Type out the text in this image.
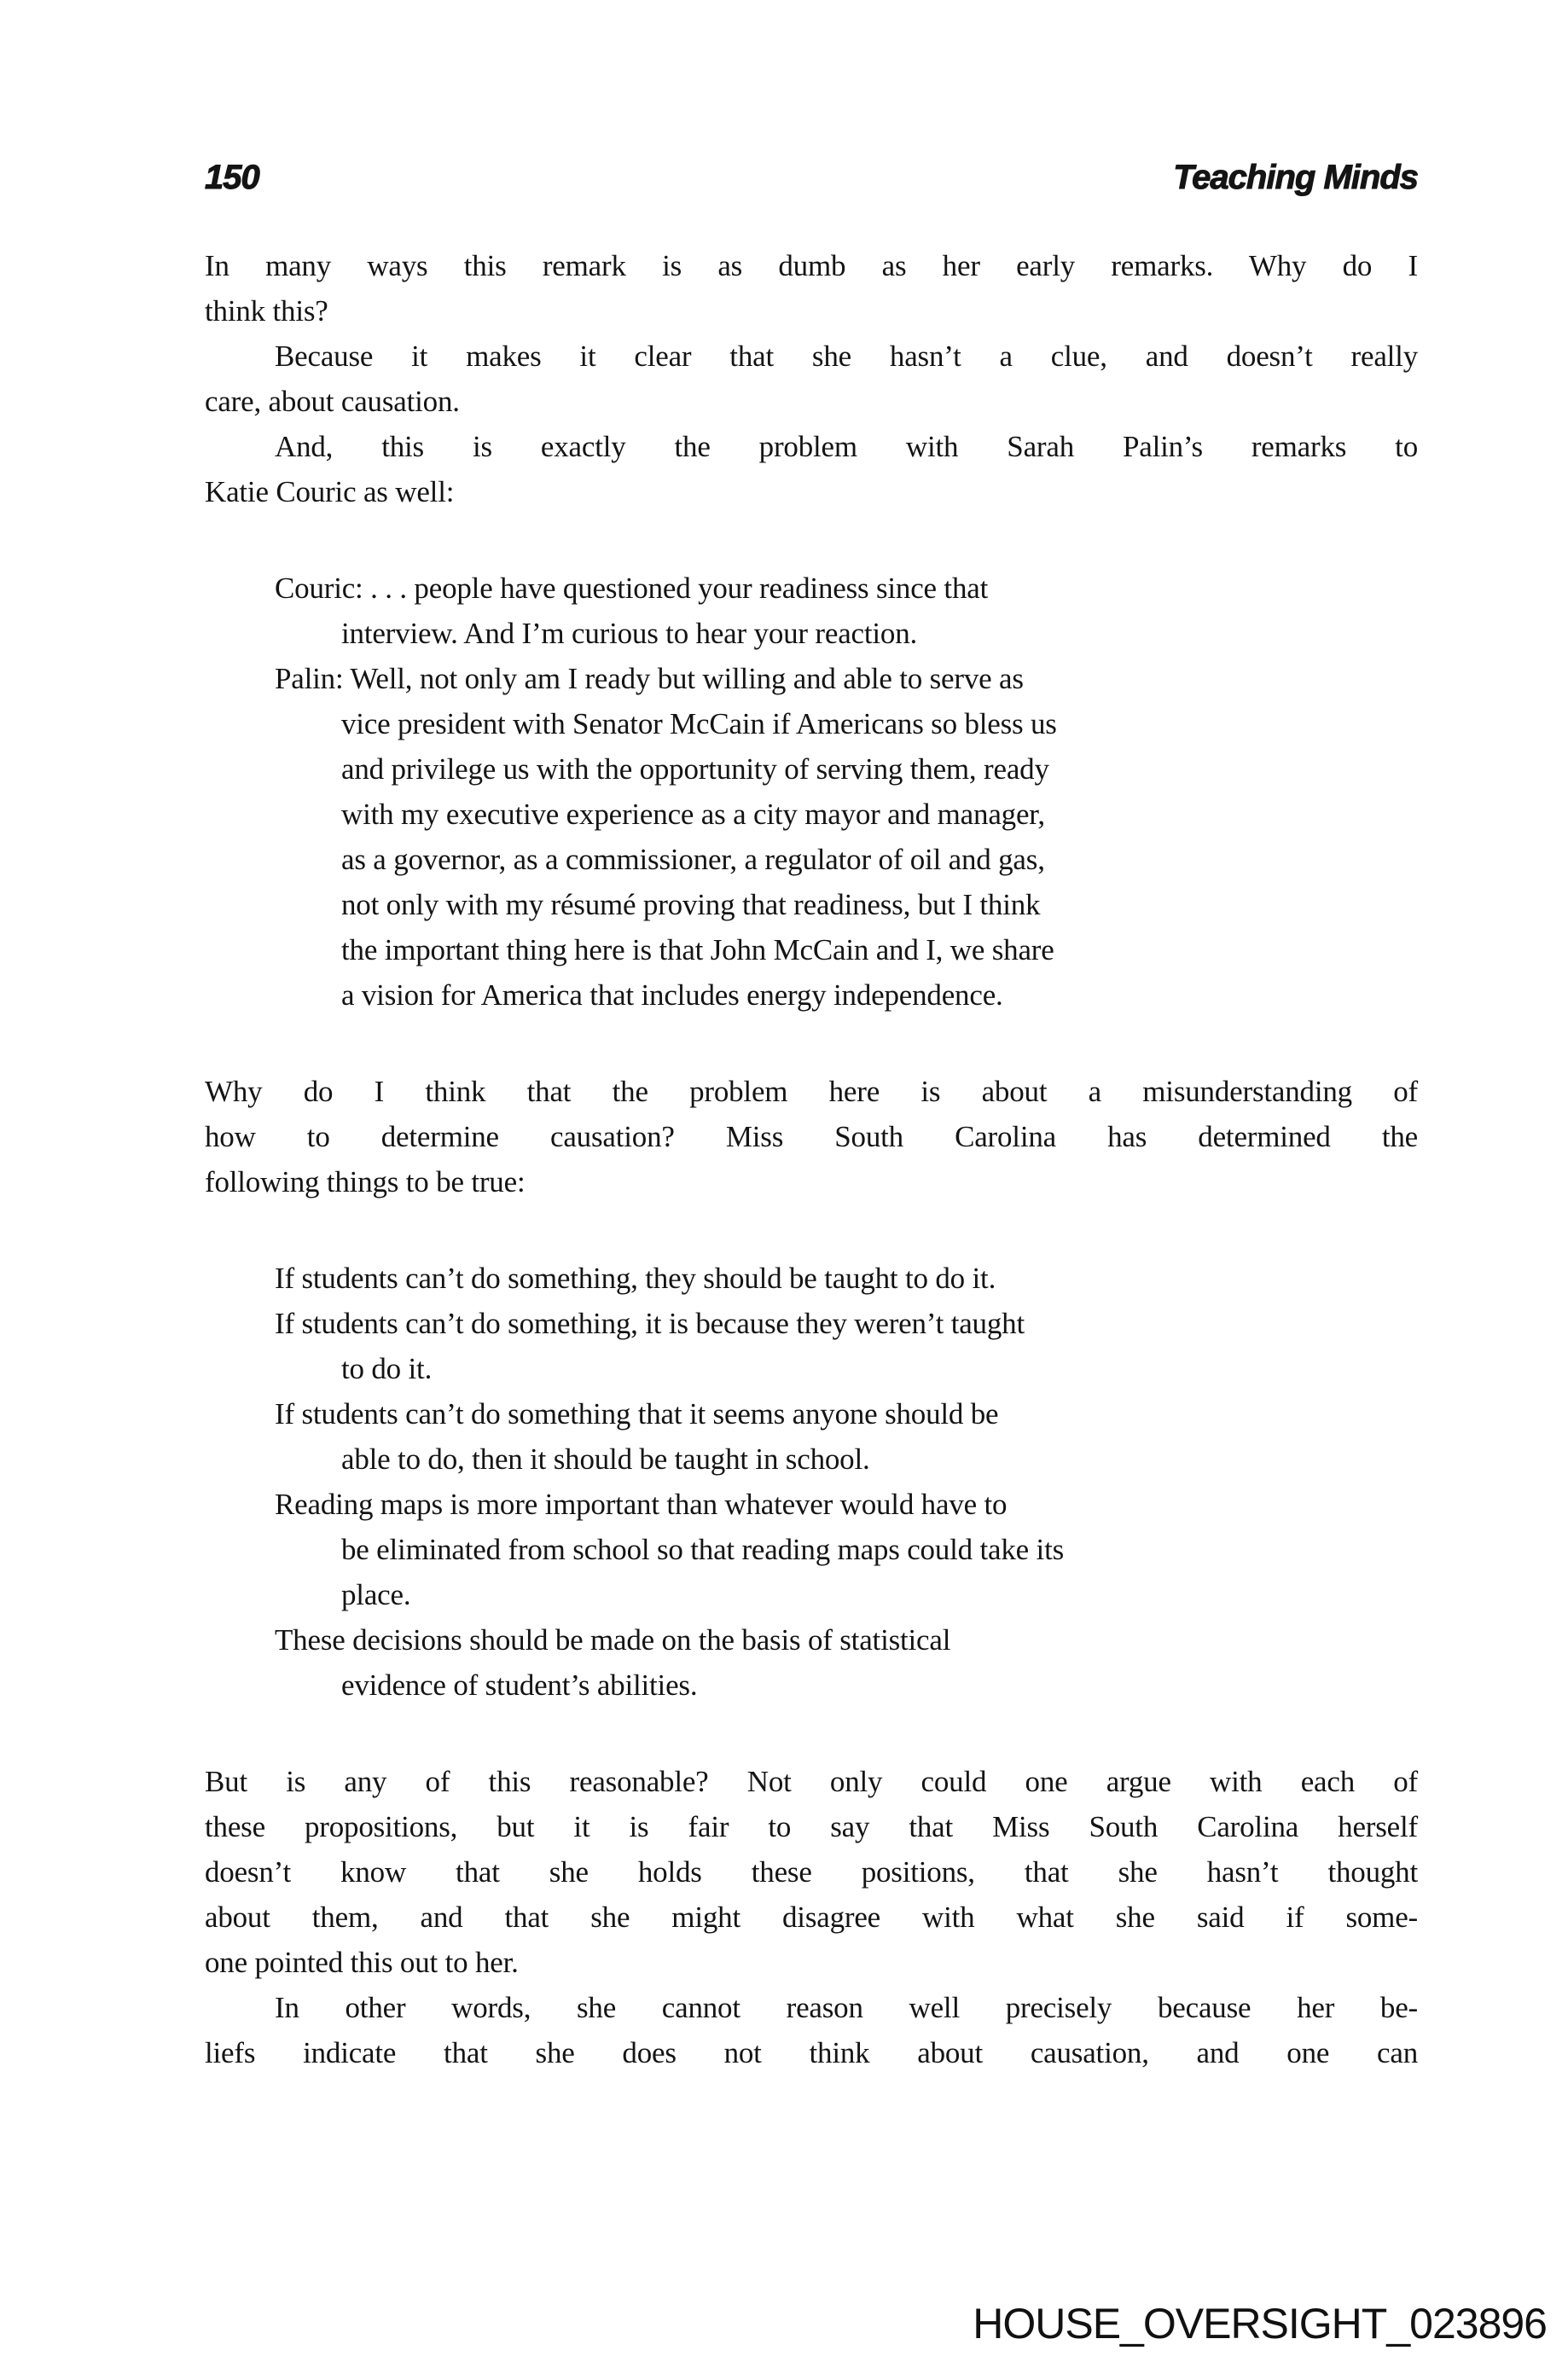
150	Teaching Minds
In many ways this remark is as dumb as her early remarks. Why do I
think this?
Because it makes it clear that she hasn’t a clue, and doesn’t really
care, about causation.
And, this is exactly the problem with Sarah Palin’s remarks to
Katie Couric as well:
Couric: . . . people have questioned your readiness since that
interview. And I’m curious to hear your reaction.
Palin: Well, not only am I ready but willing and able to serve as
vice president with Senator McCain if Americans so bless us
and privilege us with the opportunity of serving them, ready
with my executive experience as a city mayor and manager,
as a governor, as a commissioner, a regulator of oil and gas,
not only with my résumé proving that readiness, but I think
the important thing here is that John McCain and I, we share
a vision for America that includes energy independence.
Why do I think that the problem here is about a misunderstanding of
how to determine causation? Miss South Carolina has determined the
following things to be true:
If students can’t do something, they should be taught to do it.
If students can’t do something, it is because they weren’t taught
to do it.
If students can’t do something that it seems anyone should be
able to do, then it should be taught in school.
Reading maps is more important than whatever would have to
be eliminated from school so that reading maps could take its
place.
These decisions should be made on the basis of statistical
evidence of student’s abilities.
But is any of this reasonable? Not only could one argue with each of
these propositions, but it is fair to say that Miss South Carolina herself
doesn’t know that she holds these positions, that she hasn’t thought
about them, and that she might disagree with what she said if some-
one pointed this out to her.
In other words, she cannot reason well precisely because her be-
liefs indicate that she does not think about causation, and one can
HOUSE_OVERSIGHT_023896
